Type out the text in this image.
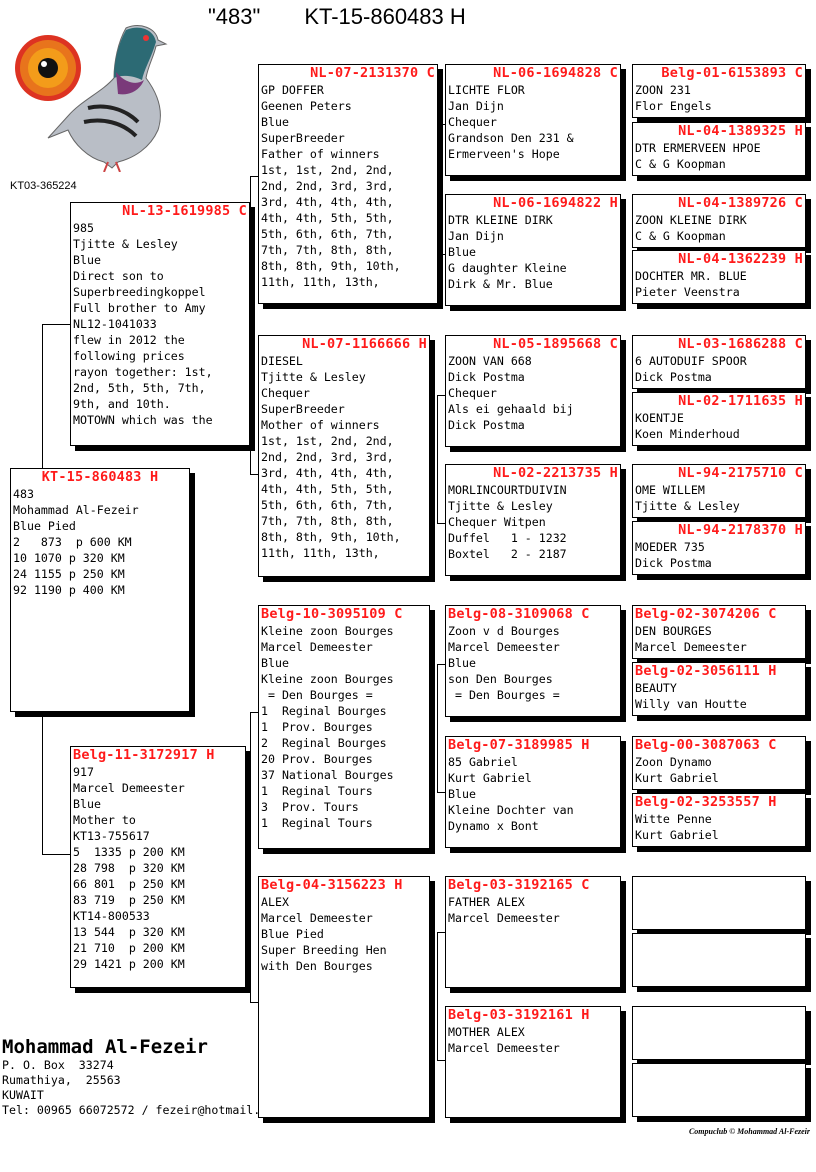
"483" KT-15-860483 H
KT03-365224
KT-15-860483 H
483
Mohammad Al-Fezeir
Blue Pied
2   873  p 600 KM
10 1070 p 320 KM
24 1155 p 250 KM
92 1190 p 400 KM
NL-13-1619985 C
985
Tjitte & Lesley
Blue
Direct son to
Superbreedingkoppel
Full brother to Amy
NL12-1041033
flew in 2012 the
following prices
rayon together: 1st,
2nd, 5th, 5th, 7th,
9th, and 10th.
MOTOWN which was the
Belg-11-3172917 H
917
Marcel Demeester
Blue
Mother to
KT13-755617
5  1335 p 200 KM
28 798  p 320 KM
66 801  p 250 KM
83 719  p 250 KM
KT14-800533
13 544  p 320 KM
21 710  p 200 KM
29 1421 p 200 KM
NL-07-2131370 C
GP DOFFER
Geenen Peters
Blue
SuperBreeder
Father of winners
1st, 1st, 2nd, 2nd,
2nd, 2nd, 3rd, 3rd,
3rd, 4th, 4th, 4th,
4th, 4th, 5th, 5th,
5th, 6th, 6th, 7th,
7th, 7th, 8th, 8th,
8th, 8th, 9th, 10th,
11th, 11th, 13th,
NL-07-1166666 H
DIESEL
Tjitte & Lesley
Chequer
SuperBreeder
Mother of winners
1st, 1st, 2nd, 2nd,
2nd, 2nd, 3rd, 3rd,
3rd, 4th, 4th, 4th,
4th, 4th, 5th, 5th,
5th, 6th, 6th, 7th,
7th, 7th, 8th, 8th,
8th, 8th, 9th, 10th,
11th, 11th, 13th,
Belg-10-3095109 C
Kleine zoon Bourges
Marcel Demeester
Blue
Kleine zoon Bourges
= Den Bourges =
1  Reginal Bourges
1  Prov. Bourges
2  Reginal Bourges
20 Prov. Bourges
37 National Bourges
1  Reginal Tours
3  Prov. Tours
1  Reginal Tours
Belg-04-3156223 H
ALEX
Marcel Demeester
Blue Pied
Super Breeding Hen
with Den Bourges
NL-06-1694828 C
LICHTE FLOR
Jan Dijn
Chequer
Grandson Den 231 &
Ermerveen's Hope
NL-06-1694822 H
DTR KLEINE DIRK
Jan Dijn
Blue
G daughter Kleine
Dirk & Mr. Blue
NL-05-1895668 C
ZOON VAN 668
Dick Postma
Chequer
Als ei gehaald bij
Dick Postma
NL-02-2213735 H
MORLINCOURTDUIVIN
Tjitte & Lesley
Chequer Witpen
Duffel   1 - 1232
Boxtel   2 - 2187
Belg-08-3109068 C
Zoon v d Bourges
Marcel Demeester
Blue
son Den Bourges
= Den Bourges =
Belg-07-3189985 H
85 Gabriel
Kurt Gabriel
Blue
Kleine Dochter van
Dynamo x Bont
Belg-03-3192165 C
FATHER ALEX
Marcel Demeester
Belg-03-3192161 H
MOTHER ALEX
Marcel Demeester
Belg-01-6153893 C
ZOON 231
Flor Engels
NL-04-1389325 H
DTR ERMERVEEN HPOE
C & G Koopman
NL-04-1389726 C
ZOON KLEINE DIRK
C & G Koopman
NL-04-1362239 H
DOCHTER MR. BLUE
Pieter Veenstra
NL-03-1686288 C
6 AUTODUIF SPOOR
Dick Postma
NL-02-1711635 H
KOENTJE
Koen Minderhoud
NL-94-2175710 C
OME WILLEM
Tjitte & Lesley
NL-94-2178370 H
MOEDER 735
Dick Postma
Belg-02-3074206 C
DEN BOURGES
Marcel Demeester
Belg-02-3056111 H
BEAUTY
Willy van Houtte
Belg-00-3087063 C
Zoon Dynamo
Kurt Gabriel
Belg-02-3253557 H
Witte Penne
Kurt Gabriel
Mohammad Al-Fezeir
P. O. Box  33274
Rumathiya,  25563
KUWAIT
Tel: 00965 66072572 / fezeir@hotmail.
Compuclub © Mohammad Al-Fezeir
